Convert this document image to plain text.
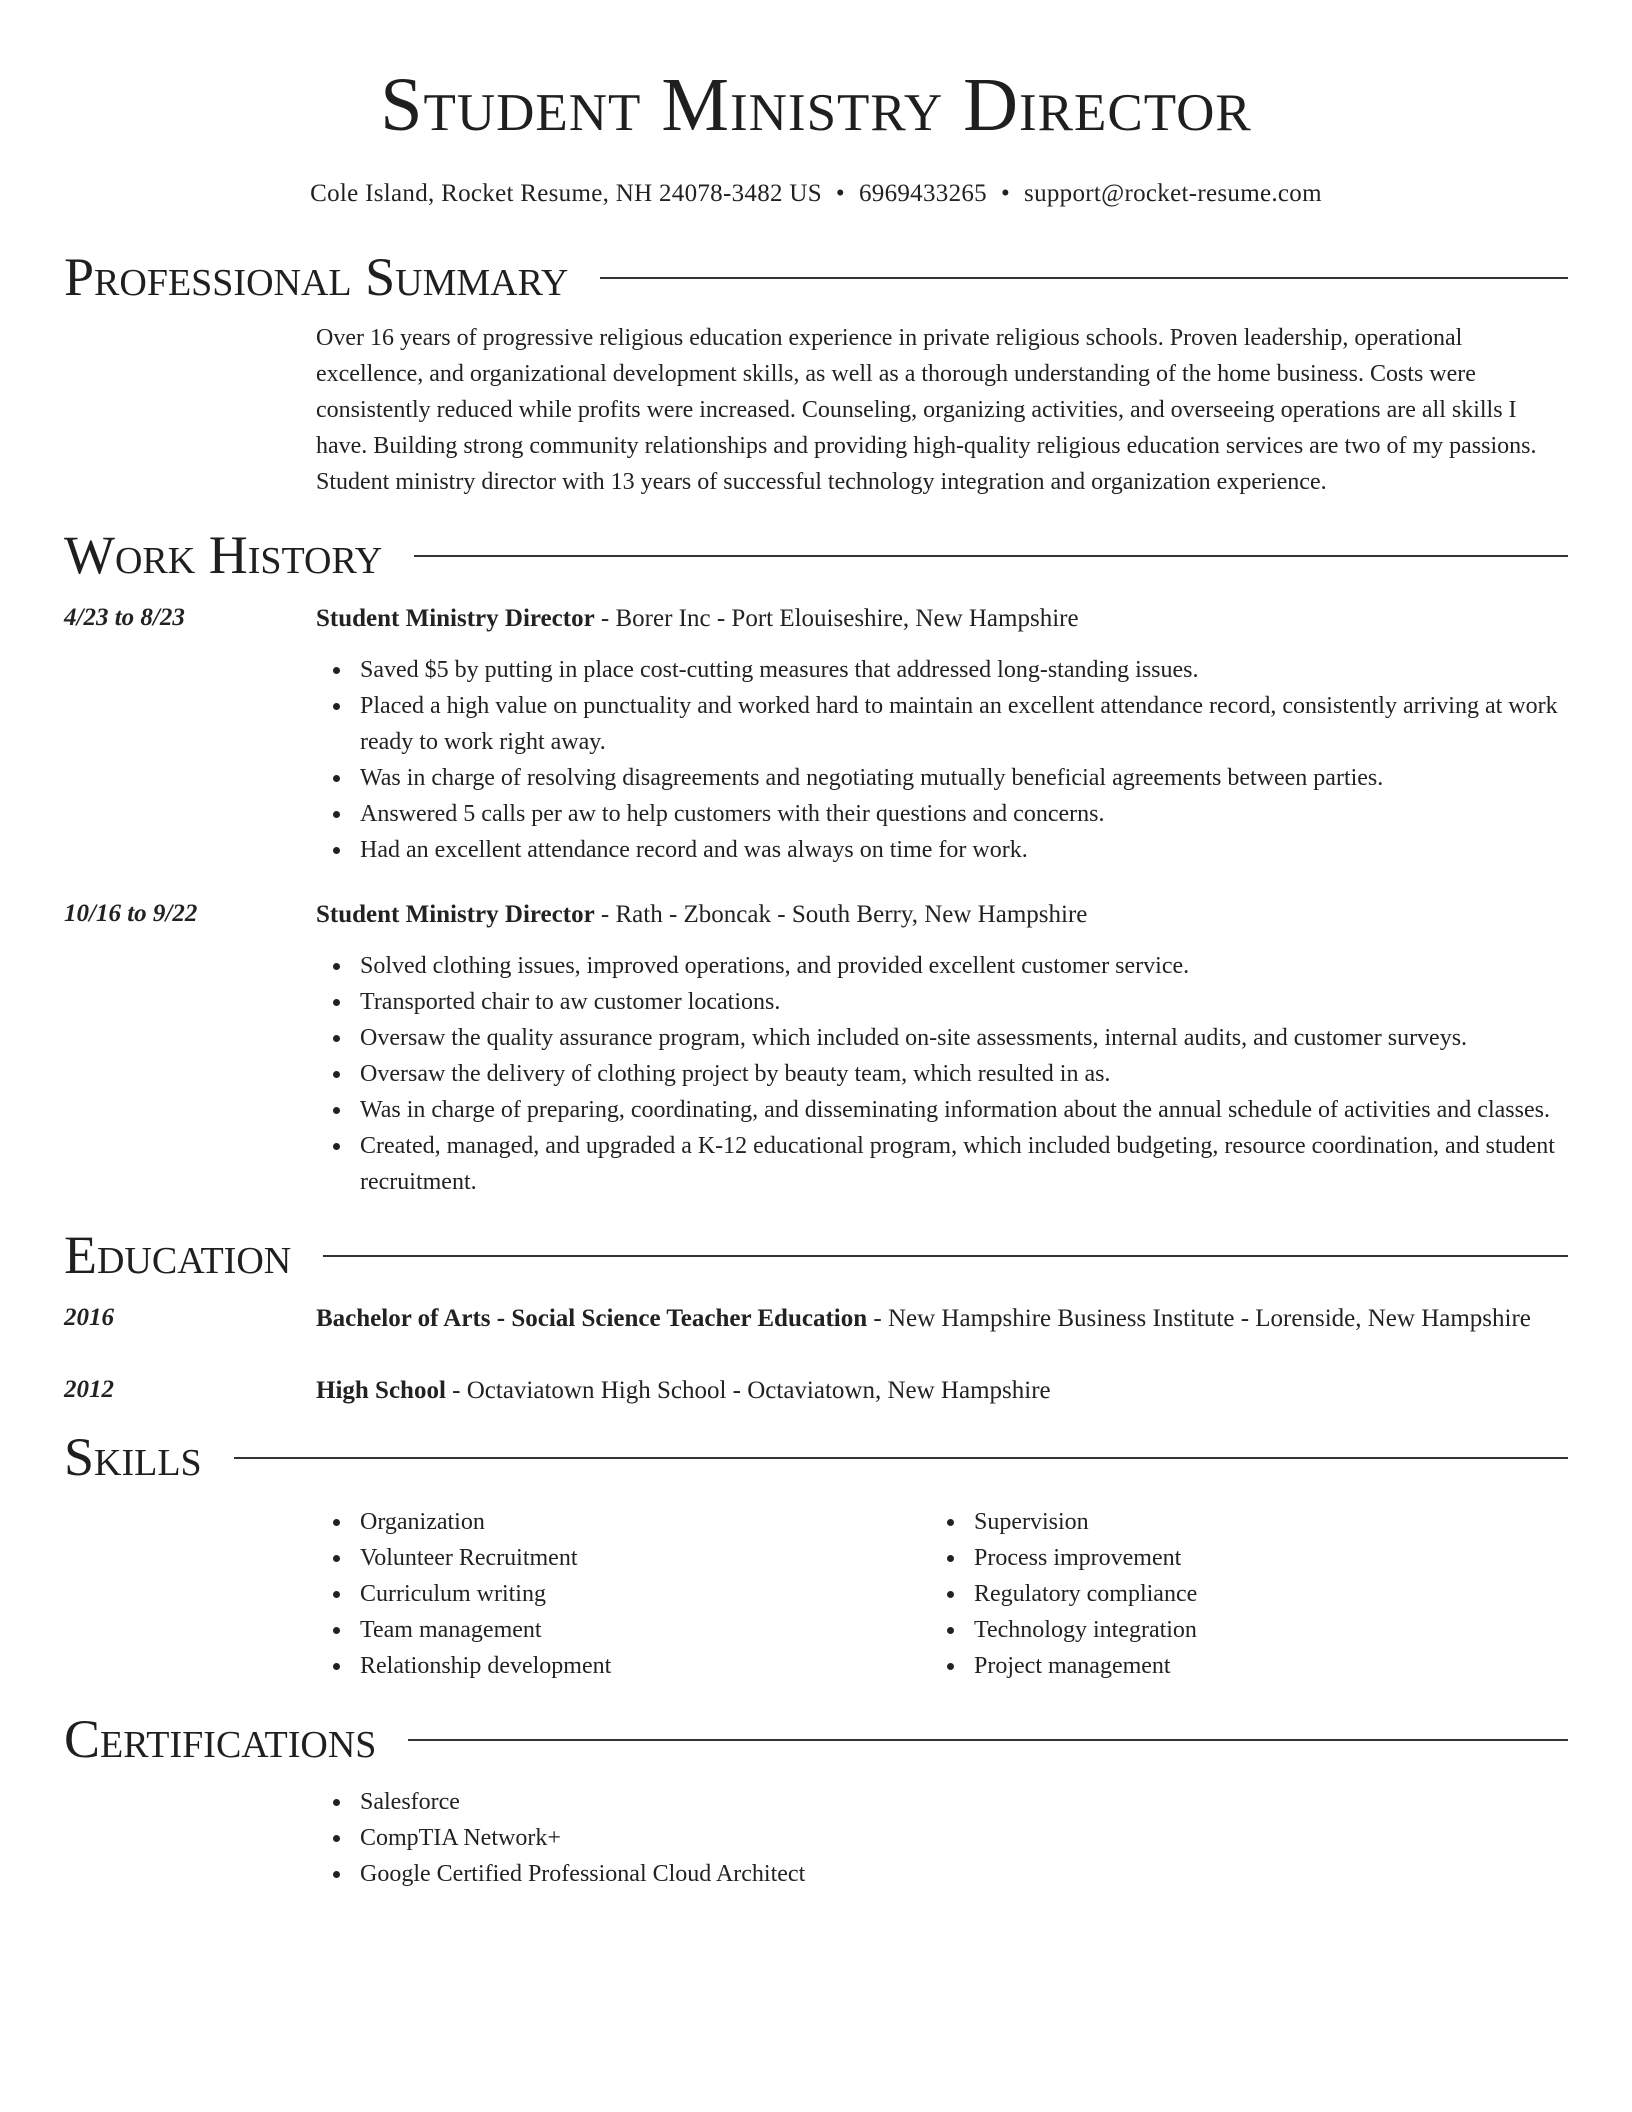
Student Ministry Director
Cole Island, Rocket Resume, NH 24078-3482 US • 6969433265 • support@rocket-resume.com
Professional Summary
Over 16 years of progressive religious education experience in private religious schools. Proven leadership, operational excellence, and organizational development skills, as well as a thorough understanding of the home business. Costs were consistently reduced while profits were increased. Counseling, organizing activities, and overseeing operations are all skills I have. Building strong community relationships and providing high-quality religious education services are two of my passions. Student ministry director with 13 years of successful technology integration and organization experience.
Work History
4/23 to 8/23	Student Ministry Director - Borer Inc - Port Elouiseshire, New Hampshire
Saved $5 by putting in place cost-cutting measures that addressed long-standing issues.
Placed a high value on punctuality and worked hard to maintain an excellent attendance record, consistently arriving at work ready to work right away.
Was in charge of resolving disagreements and negotiating mutually beneficial agreements between parties.
Answered 5 calls per aw to help customers with their questions and concerns.
Had an excellent attendance record and was always on time for work.
10/16 to 9/22	Student Ministry Director - Rath - Zboncak - South Berry, New Hampshire
Solved clothing issues, improved operations, and provided excellent customer service.
Transported chair to aw customer locations.
Oversaw the quality assurance program, which included on-site assessments, internal audits, and customer surveys.
Oversaw the delivery of clothing project by beauty team, which resulted in as.
Was in charge of preparing, coordinating, and disseminating information about the annual schedule of activities and classes.
Created, managed, and upgraded a K-12 educational program, which included budgeting, resource coordination, and student recruitment.
Education
2016	Bachelor of Arts - Social Science Teacher Education - New Hampshire Business Institute - Lorenside, New Hampshire
2012	High School - Octaviatown High School - Octaviatown, New Hampshire
Skills
Organization
Volunteer Recruitment
Curriculum writing
Team management
Relationship development
Supervision
Process improvement
Regulatory compliance
Technology integration
Project management
Certifications
Salesforce
CompTIA Network+
Google Certified Professional Cloud Architect
